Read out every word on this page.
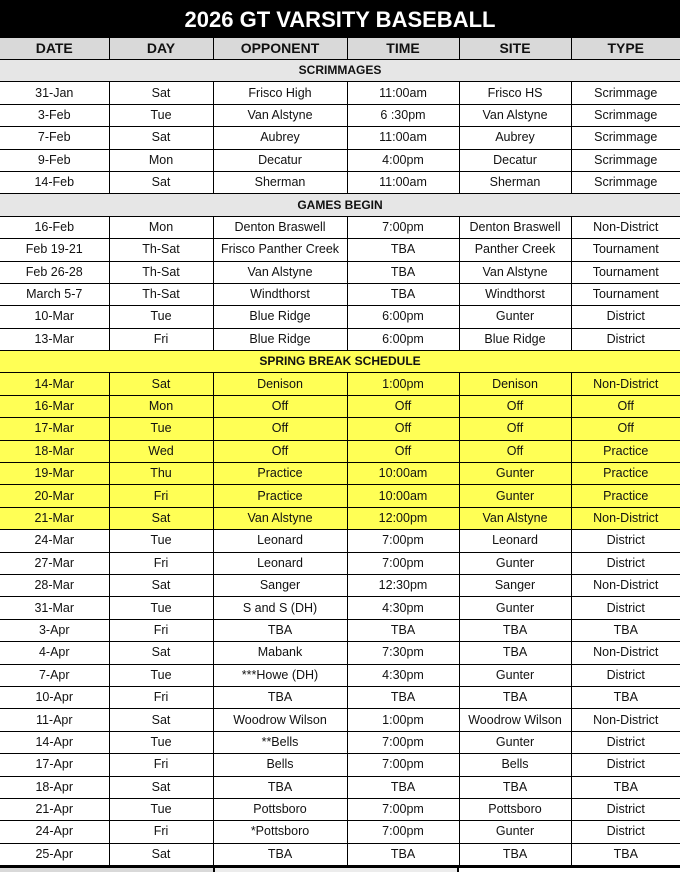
2026 GT VARSITY BASEBALL
DATE	DAY	OPPONENT	TIME	SITE	TYPE
SCRIMMAGES					
31-Jan	Sat	Frisco High	11:00am	Frisco HS	Scrimmage
3-Feb	Tue	Van Alstyne	6 :30pm	Van Alstyne	Scrimmage
7-Feb	Sat	Aubrey	11:00am	Aubrey	Scrimmage
9-Feb	Mon	Decatur	4:00pm	Decatur	Scrimmage
14-Feb	Sat	Sherman	11:00am	Sherman	Scrimmage
GAMES BEGIN					
16-Feb	Mon	Denton Braswell	7:00pm	Denton Braswell	Non-District
Feb 19-21	Th-Sat	Frisco Panther Creek	TBA	Panther Creek	Tournament
Feb 26-28	Th-Sat	Van Alstyne	TBA	Van Alstyne	Tournament
March 5-7	Th-Sat	Windthorst	TBA	Windthorst	Tournament
10-Mar	Tue	Blue Ridge	6:00pm	Gunter	District
13-Mar	Fri	Blue Ridge	6:00pm	Blue Ridge	District
SPRING BREAK SCHEDULE					
14-Mar	Sat	Denison	1:00pm	Denison	Non-District
16-Mar	Mon	Off	Off	Off	Off
17-Mar	Tue	Off	Off	Off	Off
18-Mar	Wed	Off	Off	Off	Practice
19-Mar	Thu	Practice	10:00am	Gunter	Practice
20-Mar	Fri	Practice	10:00am	Gunter	Practice
21-Mar	Sat	Van Alstyne	12:00pm	Van Alstyne	Non-District
24-Mar	Tue	Leonard	7:00pm	Leonard	District
27-Mar	Fri	Leonard	7:00pm	Gunter	District
28-Mar	Sat	Sanger	12:30pm	Sanger	Non-District
31-Mar	Tue	S and S (DH)	4:30pm	Gunter	District
3-Apr	Fri	TBA	TBA	TBA	TBA
4-Apr	Sat	Mabank	7:30pm	TBA	Non-District
7-Apr	Tue	***Howe (DH)	4:30pm	Gunter	District
10-Apr	Fri	TBA	TBA	TBA	TBA
11-Apr	Sat	Woodrow Wilson	1:00pm	Woodrow Wilson	Non-District
14-Apr	Tue	**Bells	7:00pm	Gunter	District
17-Apr	Fri	Bells	7:00pm	Bells	District
18-Apr	Sat	TBA	TBA	TBA	TBA
21-Apr	Tue	Pottsboro	7:00pm	Pottsboro	District
24-Apr	Fri	*Pottsboro	7:00pm	Gunter	District
25-Apr	Sat	TBA	TBA	TBA	TBA
